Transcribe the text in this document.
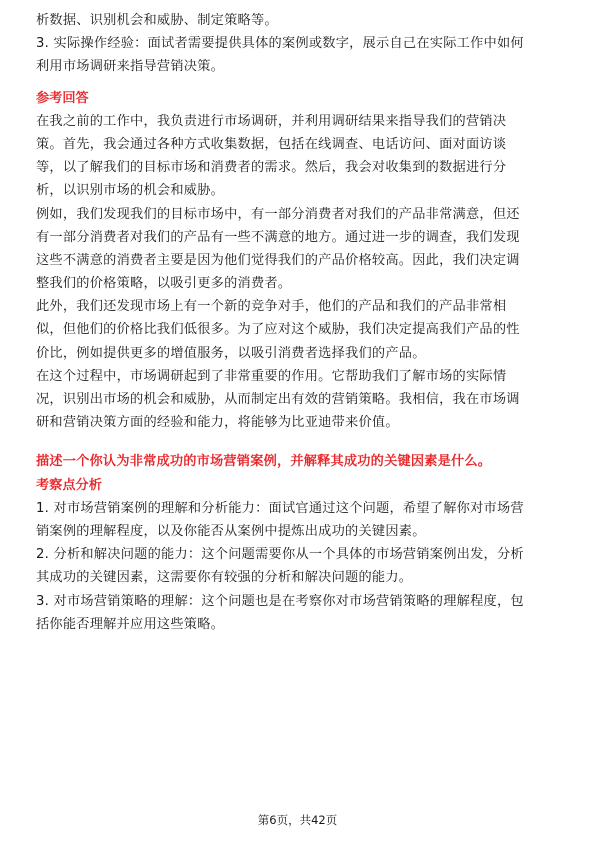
析数据、识别机会和威胁、制定策略等。
3. 实际操作经验：面试者需要提供具体的案例或数字，展示自己在实际工作中如何
利用市场调研来指导营销决策。
参考回答
在我之前的工作中，我负责进行市场调研，并利用调研结果来指导我们的营销决
策。首先，我会通过各种方式收集数据，包括在线调查、电话访问、面对面访谈
等，以了解我们的目标市场和消费者的需求。然后，我会对收集到的数据进行分
析，以识别市场的机会和威胁。
例如，我们发现我们的目标市场中，有一部分消费者对我们的产品非常满意，但还
有一部分消费者对我们的产品有一些不满意的地方。通过进一步的调查，我们发现
这些不满意的消费者主要是因为他们觉得我们的产品价格较高。因此，我们决定调
整我们的价格策略，以吸引更多的消费者。
此外，我们还发现市场上有一个新的竞争对手，他们的产品和我们的产品非常相
似，但他们的价格比我们低很多。为了应对这个威胁，我们决定提高我们产品的性
价比，例如提供更多的增值服务，以吸引消费者选择我们的产品。
在这个过程中，市场调研起到了非常重要的作用。它帮助我们了解市场的实际情
况，识别出市场的机会和威胁，从而制定出有效的营销策略。我相信，我在市场调
研和营销决策方面的经验和能力，将能够为比亚迪带来价值。
描述一个你认为非常成功的市场营销案例，并解释其成功的关键因素是什么。
考察点分析
1. 对市场营销案例的理解和分析能力：面试官通过这个问题，希望了解你对市场营
销案例的理解程度，以及你能否从案例中提炼出成功的关键因素。
2. 分析和解决问题的能力：这个问题需要你从一个具体的市场营销案例出发，分析
其成功的关键因素，这需要你有较强的分析和解决问题的能力。
3. 对市场营销策略的理解：这个问题也是在考察你对市场营销策略的理解程度，包
括你能否理解并应用这些策略。
第6页，共42页
